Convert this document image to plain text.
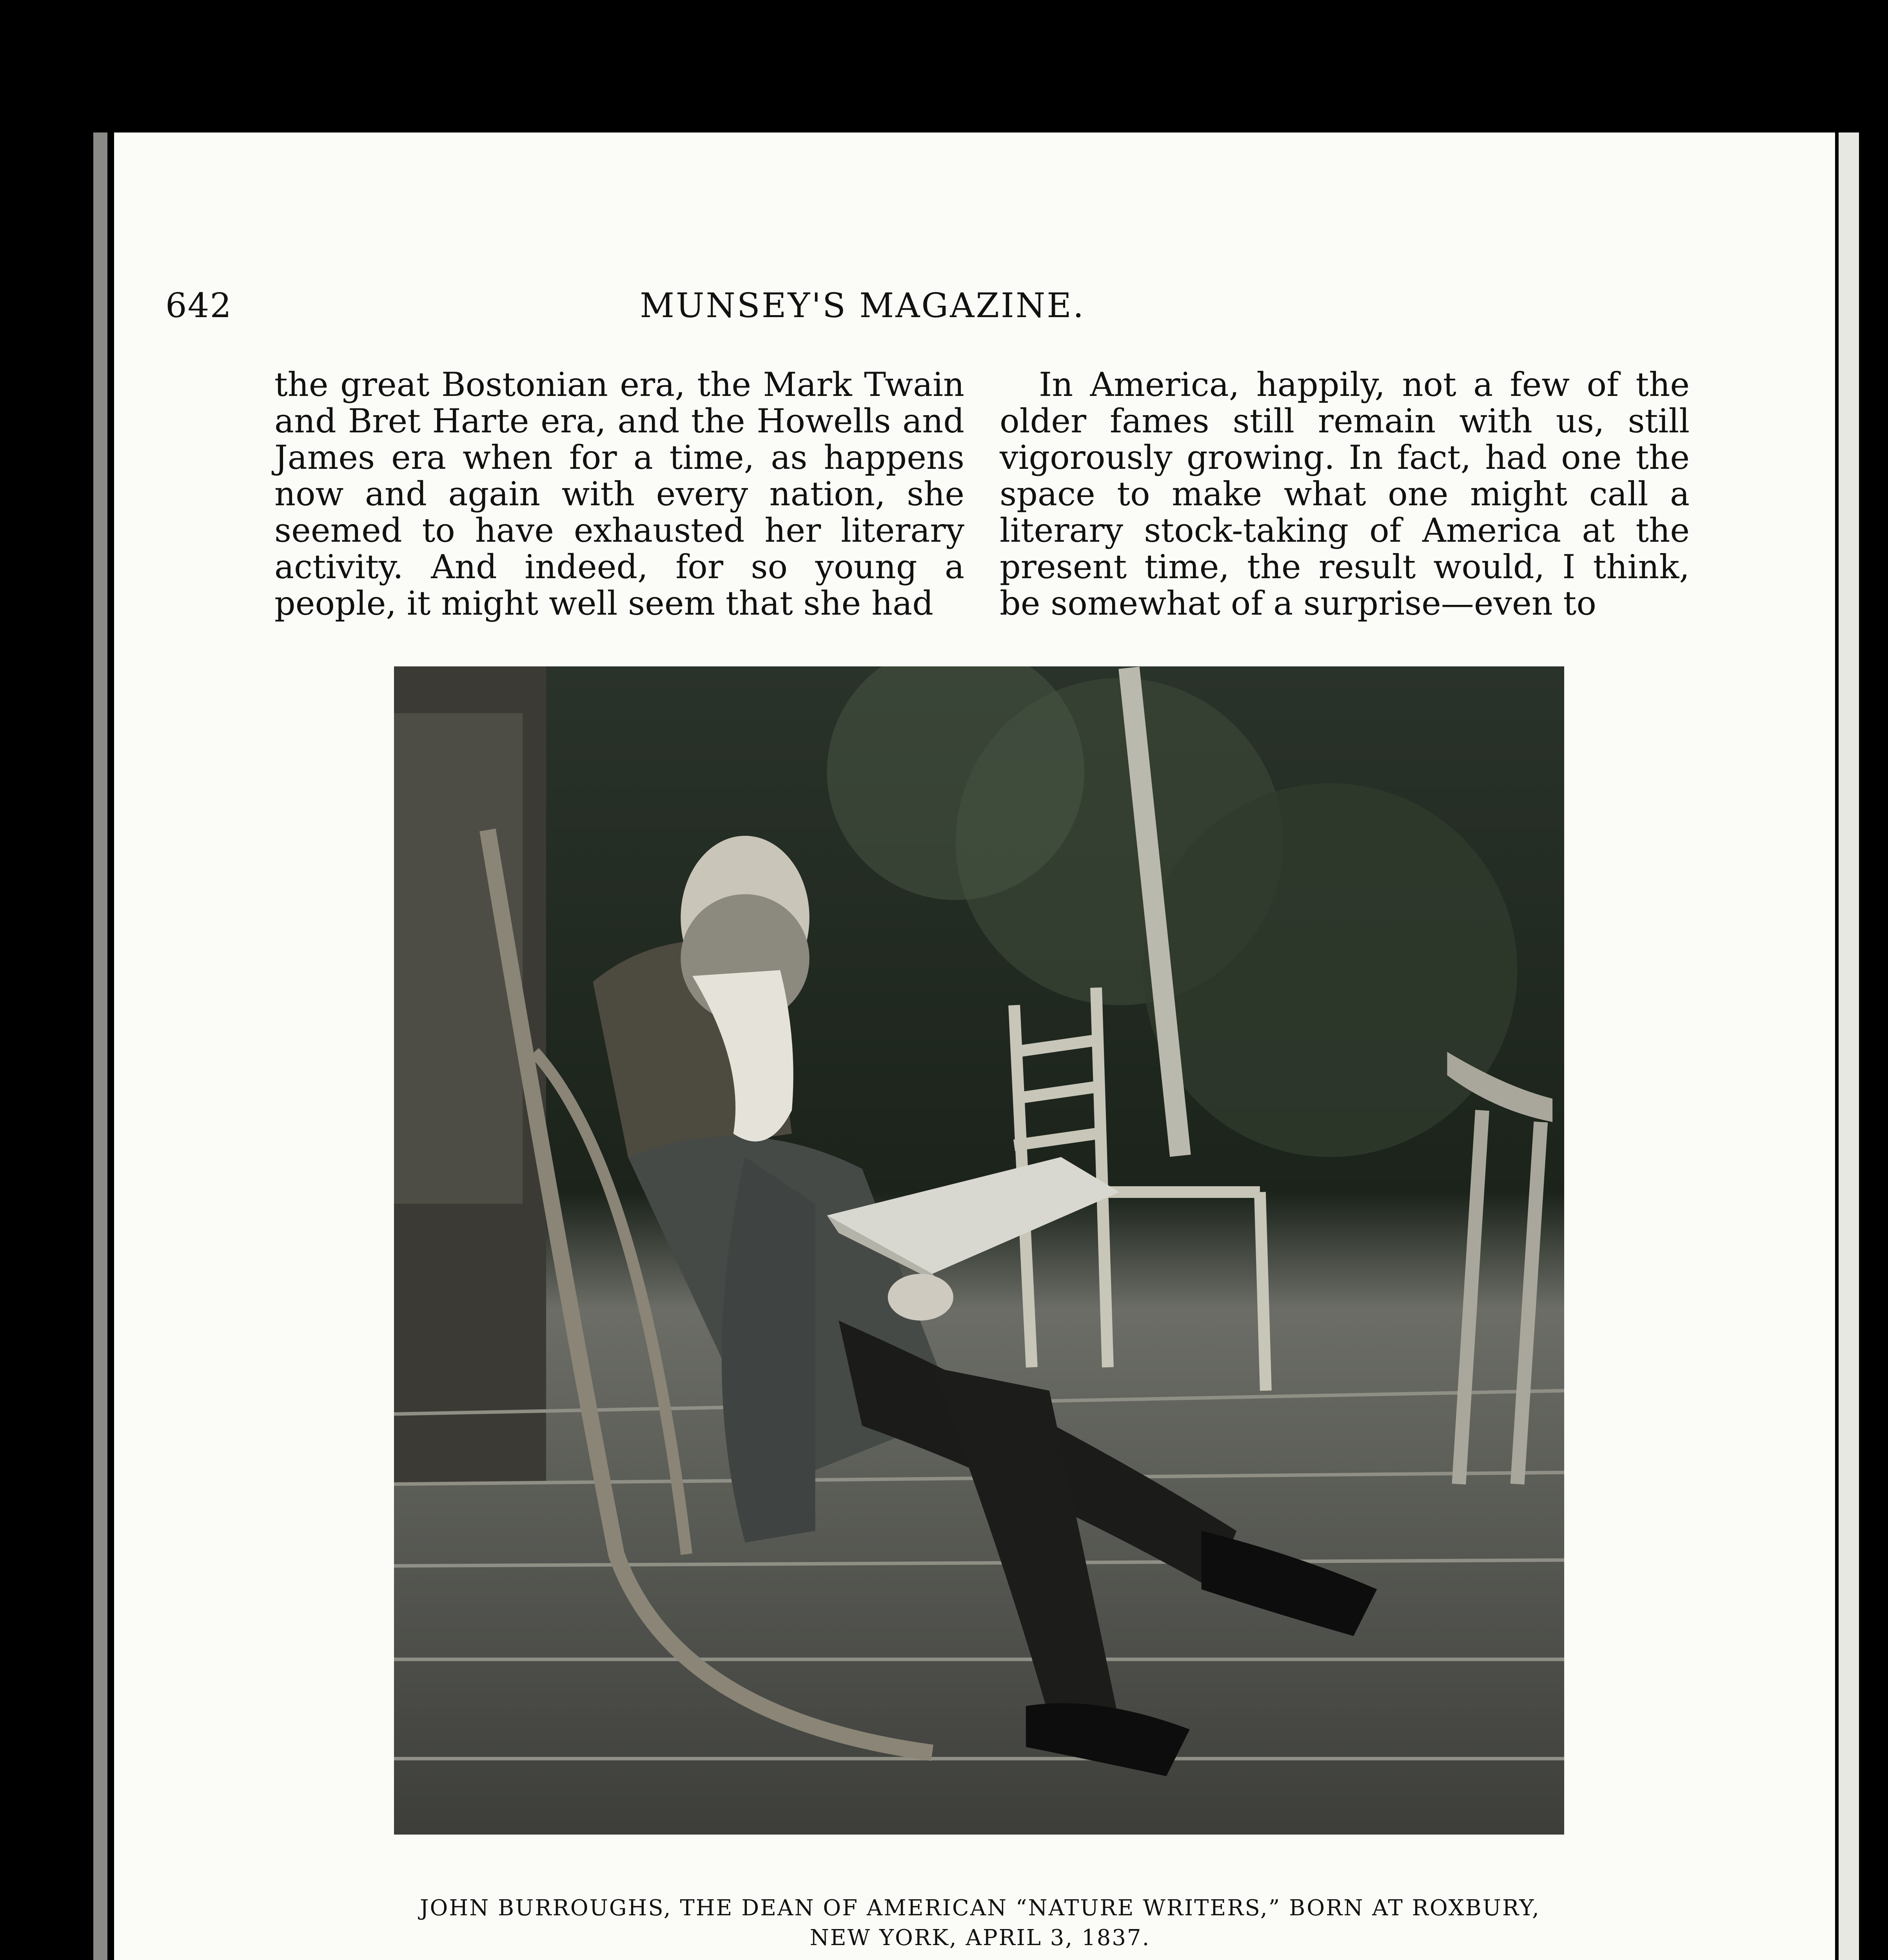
642	MUNSEY'S MAGAZINE.

the great Bostonian era, the Mark Twain and Bret Harte era, and the Howells and James era when for a time, as happens now and again with every nation, she seemed to have exhausted her literary activity. And indeed, for so young a people, it might well seem that she had

In America, happily, not a few of the older fames still remain with us, still vigorously growing. In fact, had one the space to make what one might call a literary stock-taking of America at the present time, the result would, I think, be somewhat of a surprise—even to

JOHN BURROUGHS, THE DEAN OF AMERICAN “NATURE WRITERS,” BORN AT ROXBURY,
NEW YORK, APRIL 3, 1837.
